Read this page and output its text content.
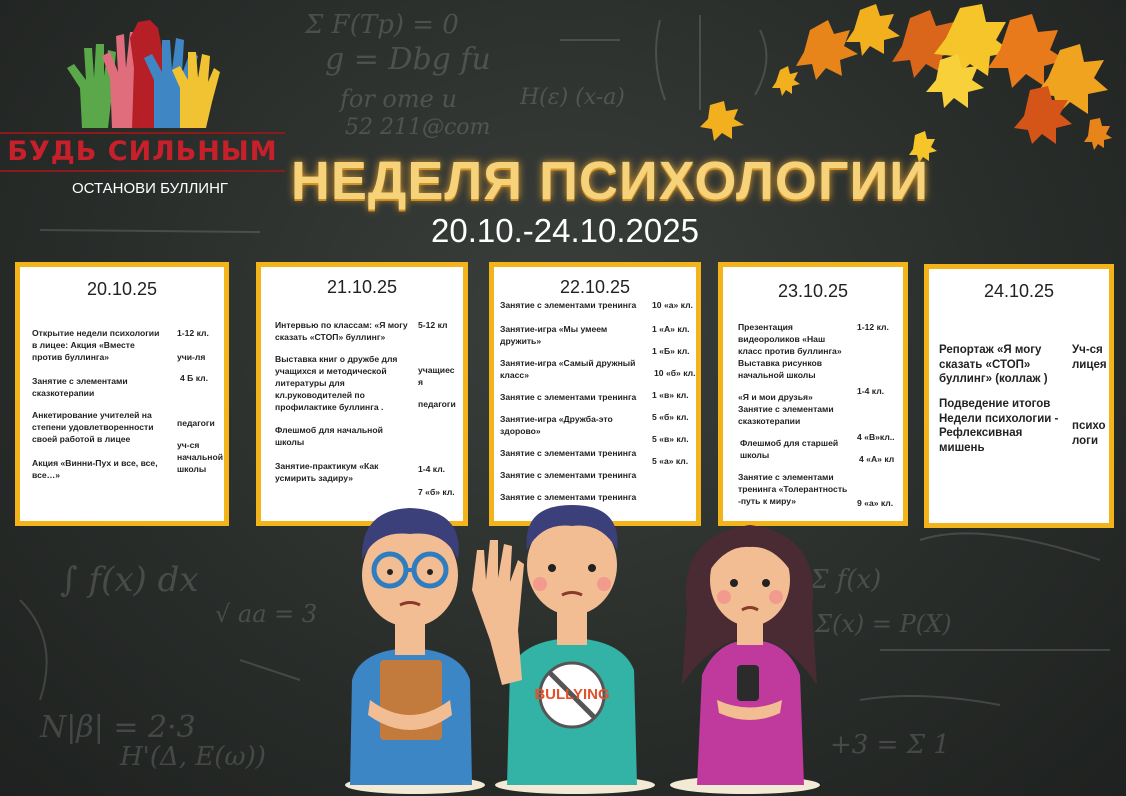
Σ F(Tp) = 0
g = Dbg fu
for ome u
52 211@com
H(ε) (x-a)
Σ f(x)
∫ f(x) dx
N|β| = 2·3
H'(Δ, E(ω))
Σ(x) = P(X)
√ aa = 3
+3 = Σ 1
БУДЬ СИЛЬНЫМ
ОСТАНОВИ БУЛЛИНГ	НЕДЕЛЯ ПСИХОЛОГИИ
20.10.-24.10.2025
20.10.25
Открытие недели психологии в лицее: Акция «Вместе против буллинга»
Занятие с элементами сказкотерапии
Анкетирование учителей на степени удовлетворенности своей работой в лицее
Акция «Винни-Пух и все, все, все…»
1-12 кл.
учи-ля
4 Б кл.
педагоги
уч-ся начальной школы
21.10.25
Интервью по классам: «Я могу сказать «СТОП» буллинг»
Выставка книг о дружбе для учащихся и методической литературы для кл.руководителей по профилактике буллинга .
Флешмоб для начальной школы
Занятие-практикум «Как усмирить задиру»
5-12 кл
учащиеся
педагоги
1-4 кл.
7 «б» кл.
22.10.25
Занятие с элементами тренинга
Занятие-игра «Мы умеем дружить»
Занятие-игра «Самый дружный класс»
Занятие с элементами тренинга
Занятие-игра «Дружба-это здорово»
Занятие с элементами тренинга
Занятие с элементами тренинга
Занятие с элементами тренинга
10 «а» кл.
1 «А» кл.
1 «Б» кл.
10 «б» кл.
1 «в» кл.
5 «б» кл.
5 «в» кл.
5 «а» кл.
23.10.25
Презентация видеороликов «Наш класс против буллинга» Выставка рисунков начальной школы
«Я и мои друзья» Занятие с элементами сказкотерапии
Флешмоб для старшей школы
Занятие с элементами тренинга «Толерантность -путь к миру»
1-12 кл.
1-4 кл.
4 «В»кл..
4 «А» кл
9 «а» кл.
24.10.25
Репортаж «Я могу сказать «СТОП» буллинг» (коллаж )
Подведение итогов Недели психологии - Рефлексивная мишень
Уч-ся лицея
психологи
BULLYING
